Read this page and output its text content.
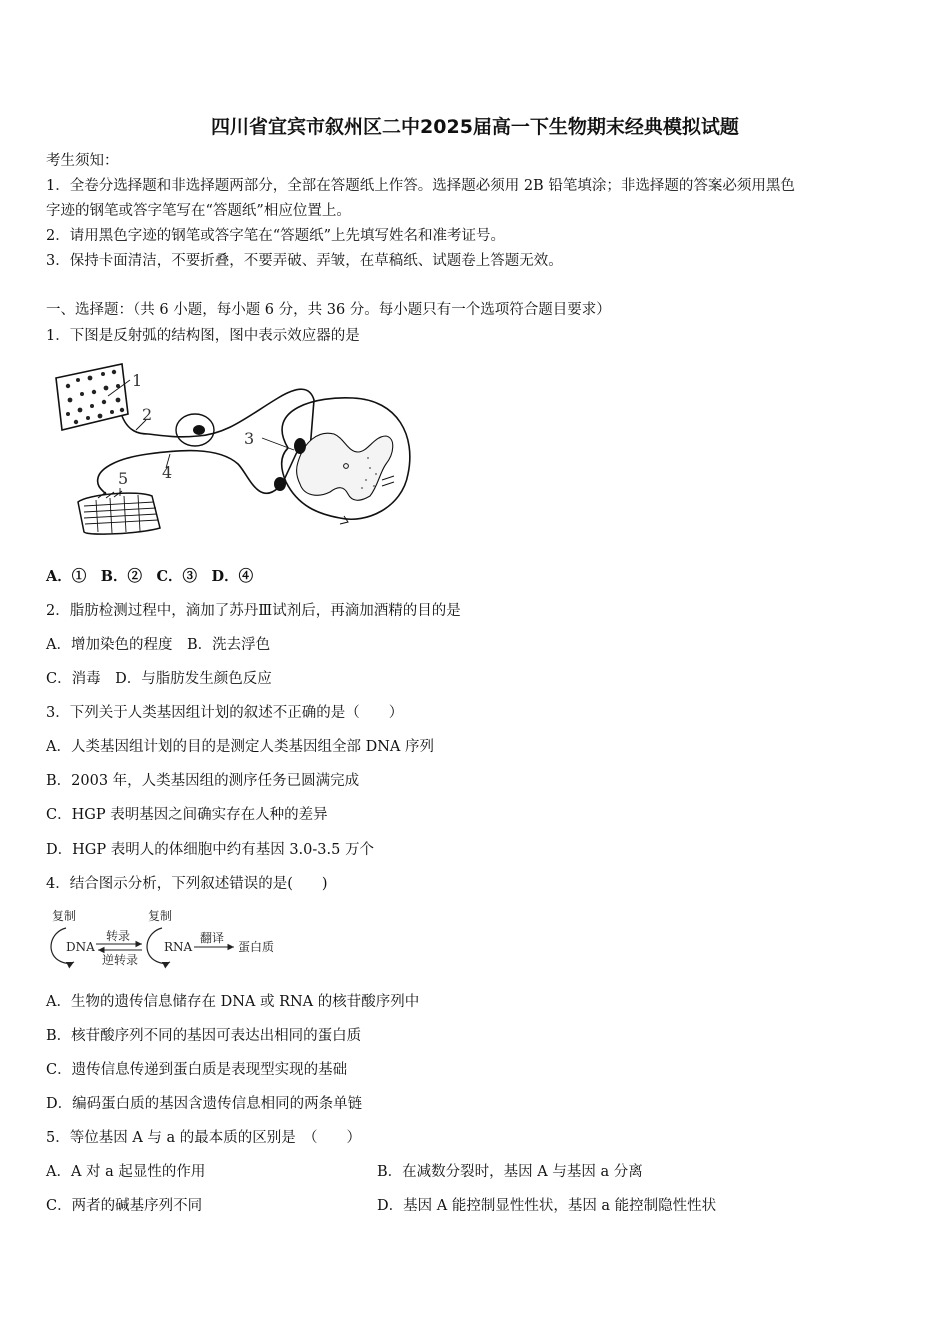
四川省宜宾市叙州区二中2025届高一下生物期末经典模拟试题
考生须知：
1．全卷分选择题和非选择题两部分，全部在答题纸上作答。选择题必须用 2B 铅笔填涂；非选择题的答案必须用黑色
字迹的钢笔或答字笔写在“答题纸”相应位置上。
2．请用黑色字迹的钢笔或答字笔在“答题纸”上先填写姓名和准考证号。
3．保持卡面清洁，不要折叠，不要弄破、弄皱，在草稿纸、试题卷上答题无效。
一、选择题：（共 6 小题，每小题 6 分，共 36 分。每小题只有一个选项符合题目要求）
1．下图是反射弧的结构图，图中表示效应器的是
1
2
3
4
5
A．①　B．②　C．③　D．④
2．脂肪检测过程中，滴加了苏丹Ⅲ试剂后，再滴加酒精的目的是
A．增加染色的程度　B．洗去浮色
C．消毒　D．与脂肪发生颜色反应
3．下列关于人类基因组计划的叙述不正确的是（　　）
A．人类基因组计划的目的是测定人类基因组全部 DNA 序列
B．2003 年，人类基因组的测序任务已圆满完成
C．HGP 表明基因之间确实存在人种的差异
D．HGP 表明人的体细胞中约有基因 3.0-3.5 万个
4．结合图示分析，下列叙述错误的是(　　)
复制
DNA
转录
逆转录
复制
RNA
翻译
蛋白质
A．生物的遗传信息储存在 DNA 或 RNA 的核苷酸序列中
B．核苷酸序列不同的基因可表达出相同的蛋白质
C．遗传信息传递到蛋白质是表现型实现的基础
D．编码蛋白质的基因含遗传信息相同的两条单链
5．等位基因 A 与 a 的最本质的区别是　（　　）
A．A 对 a 起显性的作用	B．在减数分裂时，基因 A 与基因 a 分离
C．两者的碱基序列不同	D．基因 A 能控制显性性状，基因 a 能控制隐性性状
